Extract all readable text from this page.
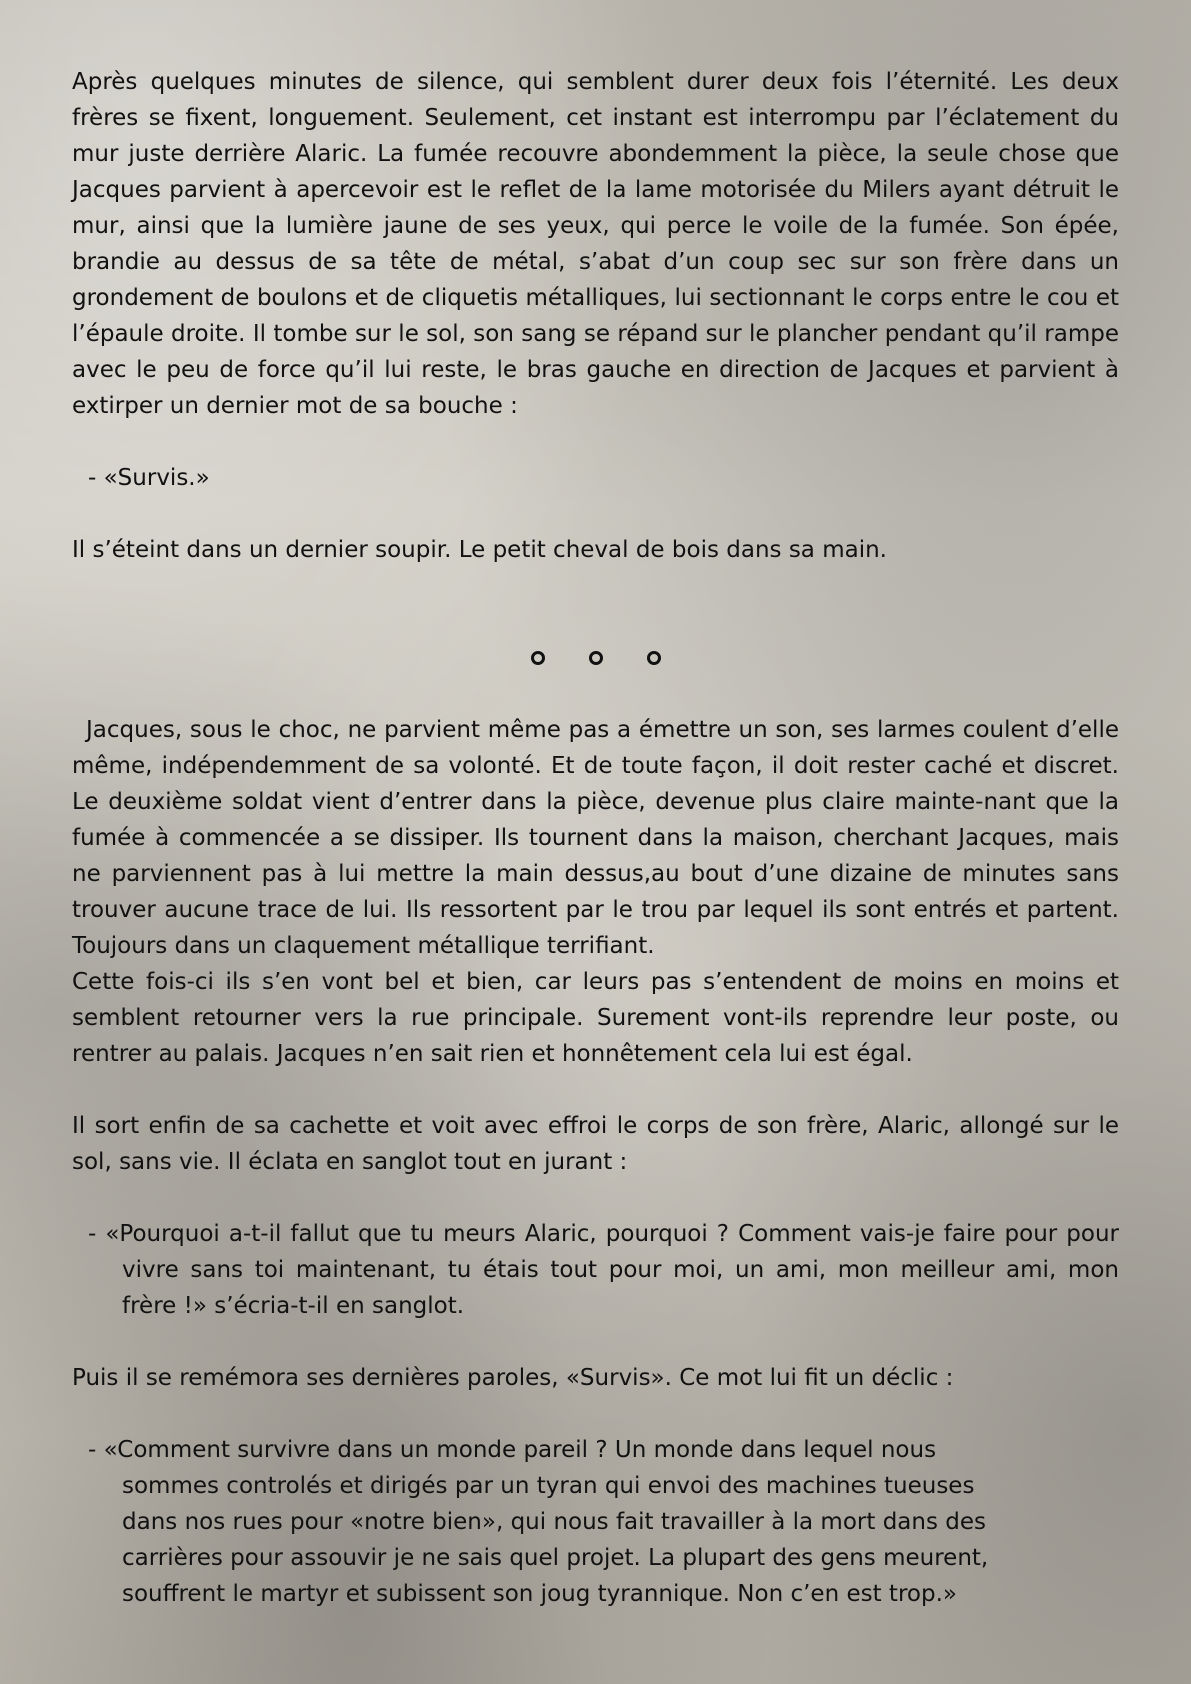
Après quelques minutes de silence, qui semblent durer deux fois l’éternité. Les deux frères se fixent, longuement. Seulement, cet instant est interrompu par l’éclatement du mur juste derrière Alaric. La fumée recouvre abondemment la pièce, la seule chose que Jacques parvient à apercevoir est le reflet de la lame motorisée du Milers ayant détruit le mur, ainsi que la lumière jaune de ses yeux, qui perce le voile de la fumée. Son épée, brandie au dessus de sa tête de métal, s’abat d’un coup sec sur son frère dans un grondement de boulons et de cliquetis métalliques, lui sectionnant le corps entre le cou et l’épaule droite. Il tombe sur le sol, son sang se répand sur le plancher pendant qu’il rampe avec le peu de force qu’il lui reste, le bras gauche en direction de Jacques et parvient à extirper un dernier mot de sa bouche :

- «Survis.»

Il s’éteint dans un dernier soupir. Le petit cheval de bois dans sa main.

Jacques, sous le choc, ne parvient même pas a émettre un son, ses larmes coulent d’elle même, indépendemment de sa volonté. Et de toute façon, il doit rester caché et discret. Le deuxième soldat vient d’entrer dans la pièce, devenue plus claire mainte-nant que la fumée à commencée a se dissiper. Ils tournent dans la maison, cherchant Jacques, mais ne parviennent pas à lui mettre la main dessus,au bout d’une dizaine de minutes sans trouver aucune trace de lui. Ils ressortent par le trou par lequel ils sont entrés et partent. Toujours dans un claquement métallique terrifiant.

Cette fois-ci ils s’en vont bel et bien, car leurs pas s’entendent de moins en moins et semblent retourner vers la rue principale. Surement vont-ils reprendre leur poste, ou rentrer au palais. Jacques n’en sait rien et honnêtement cela lui est égal.

Il sort enfin de sa cachette et voit avec effroi le corps de son frère, Alaric, allongé sur le sol, sans vie. Il éclata en sanglot tout en jurant :

- «Pourquoi a-t-il fallut que tu meurs Alaric, pourquoi ? Comment vais-je faire pour pour vivre sans toi maintenant, tu étais tout pour moi, un ami, mon meilleur ami, mon frère !» s’écria-t-il en sanglot.

Puis il se remémora ses dernières paroles, «Survis». Ce mot lui fit un déclic :

- «Comment survivre dans un monde pareil ? Un monde dans lequel nous sommes controlés et dirigés par un tyran qui envoi des machines tueuses dans nos rues pour «notre bien», qui nous fait travailler à la mort dans des carrières pour assouvir je ne sais quel projet. La plupart des gens meurent, souffrent le martyr et subissent son joug tyrannique. Non c’en est trop.»
